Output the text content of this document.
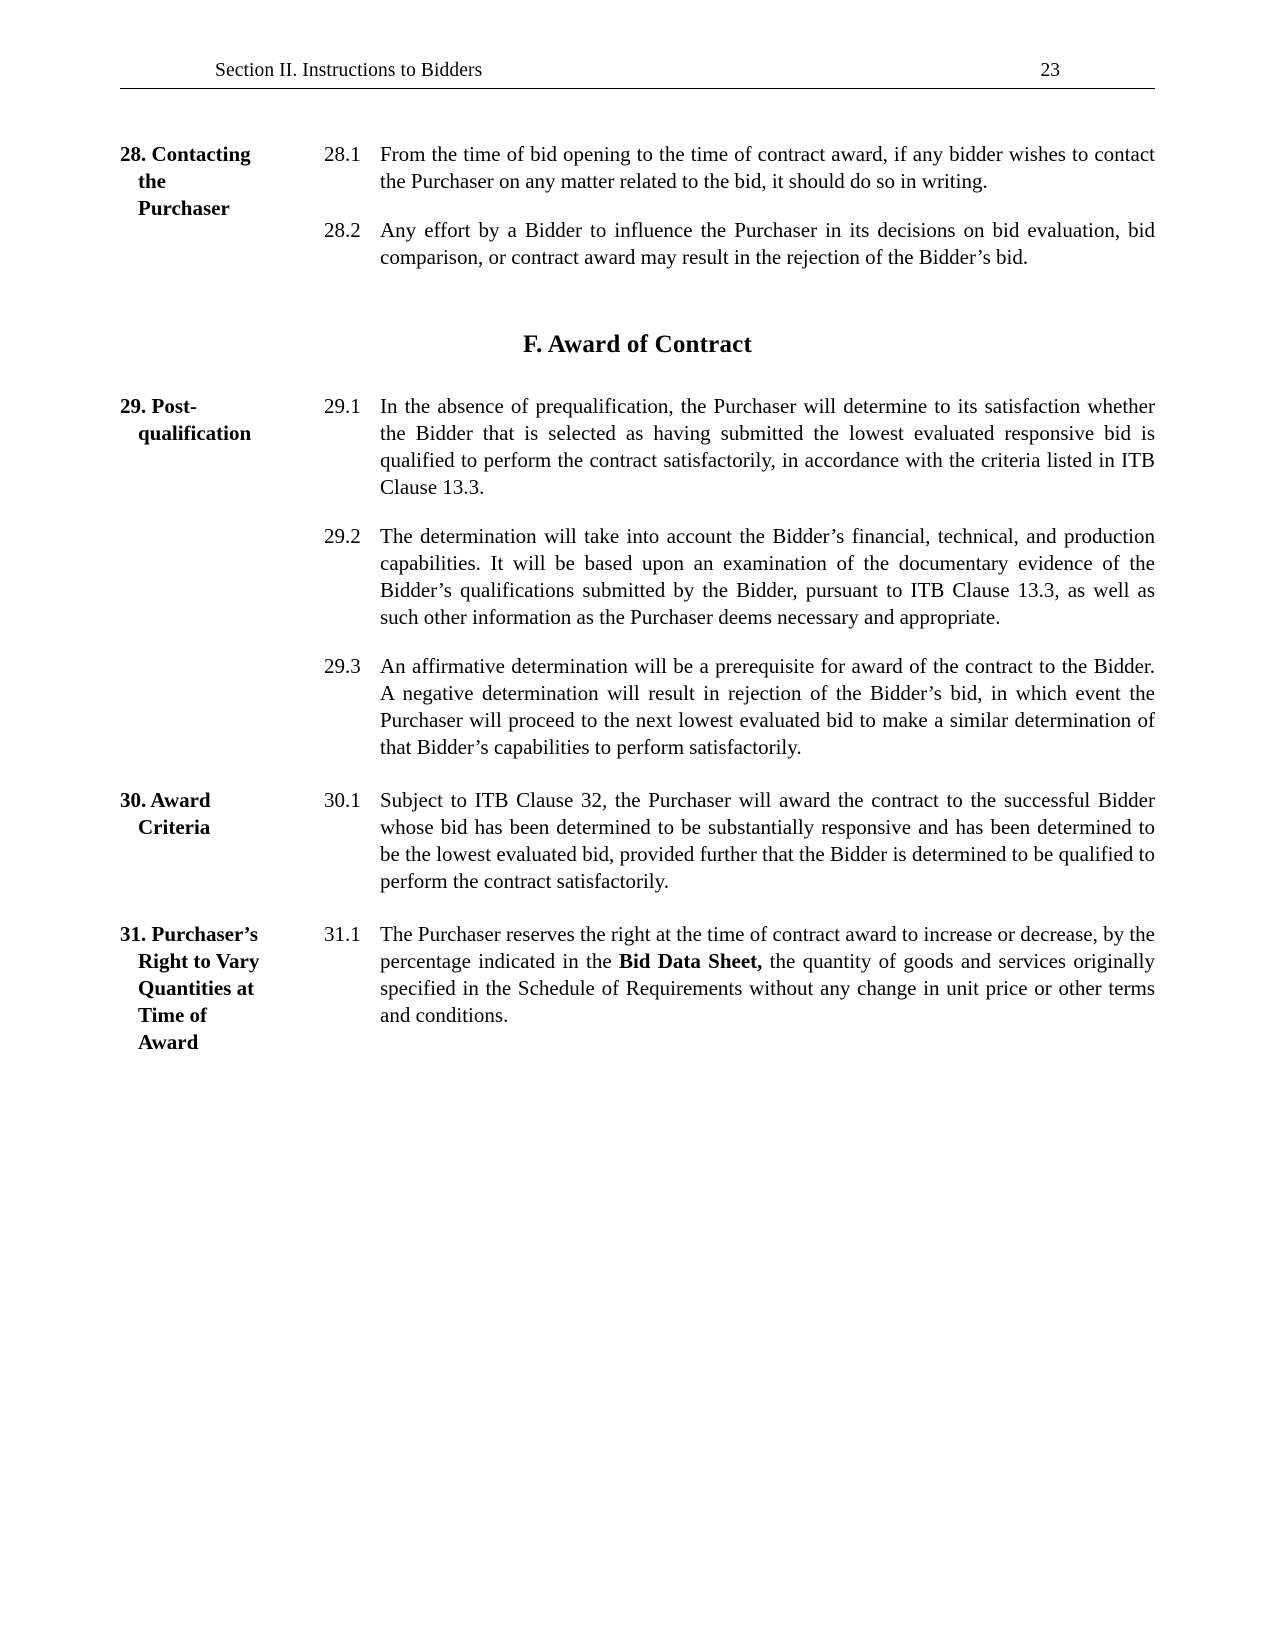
Section II. Instructions to Bidders	23
28. Contacting
the
Purchaser
28.1 From the time of bid opening to the time of contract award, if any bidder wishes to contact the Purchaser on any matter related to the bid, it should do so in writing.
28.2 Any effort by a Bidder to influence the Purchaser in its decisions on bid evaluation, bid comparison, or contract award may result in the rejection of the Bidder’s bid.
F. Award of Contract
29. Post-
qualification
29.1 In the absence of prequalification, the Purchaser will determine to its satisfaction whether the Bidder that is selected as having submitted the lowest evaluated responsive bid is qualified to perform the contract satisfactorily, in accordance with the criteria listed in ITB Clause 13.3.
29.2 The determination will take into account the Bidder’s financial, technical, and production capabilities. It will be based upon an examination of the documentary evidence of the Bidder’s qualifications submitted by the Bidder, pursuant to ITB Clause 13.3, as well as such other information as the Purchaser deems necessary and appropriate.
29.3 An affirmative determination will be a prerequisite for award of the contract to the Bidder. A negative determination will result in rejection of the Bidder’s bid, in which event the Purchaser will proceed to the next lowest evaluated bid to make a similar determination of that Bidder’s capabilities to perform satisfactorily.
30. Award
Criteria
30.1 Subject to ITB Clause 32, the Purchaser will award the contract to the successful Bidder whose bid has been determined to be substantially responsive and has been determined to be the lowest evaluated bid, provided further that the Bidder is determined to be qualified to perform the contract satisfactorily.
31. Purchaser’s
Right to Vary
Quantities at
Time of
Award
31.1 The Purchaser reserves the right at the time of contract award to increase or decrease, by the percentage indicated in the Bid Data Sheet, the quantity of goods and services originally specified in the Schedule of Requirements without any change in unit price or other terms and conditions.
